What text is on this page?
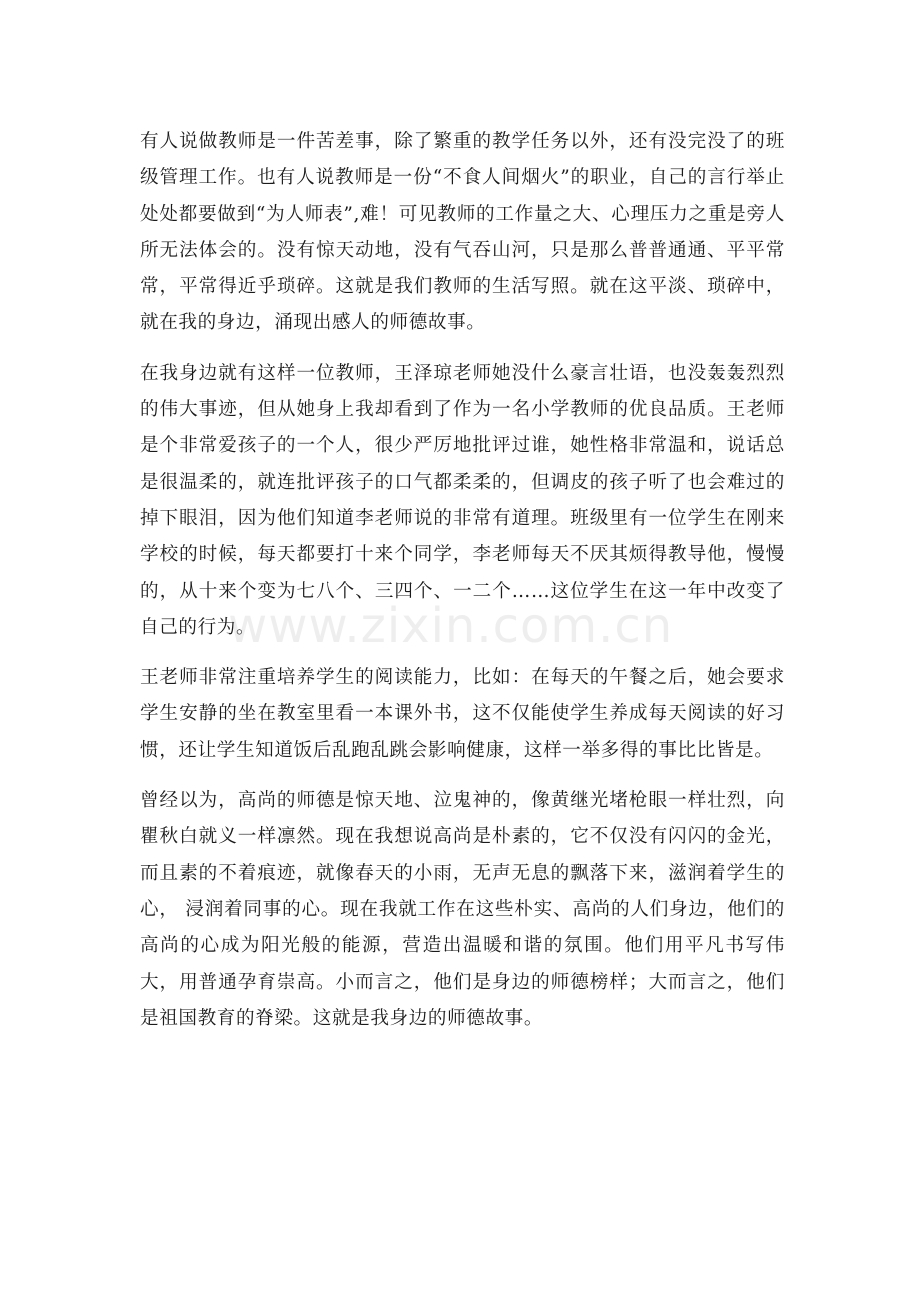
有人说做教师是一件苦差事，除了繁重的教学任务以外，还有没完没了的班级管理工作。也有人说教师是一份“不食人间烟火”的职业，自己的言行举止处处都要做到“为人师表”,难！可见教师的工作量之大、心理压力之重是旁人所无法体会的。没有惊天动地，没有气吞山河，只是那么普普通通、平平常常，平常得近乎琐碎。这就是我们教师的生活写照。就在这平淡、琐碎中，就在我的身边，涌现出感人的师德故事。

在我身边就有这样一位教师，王泽琼老师她没什么豪言壮语，也没轰轰烈烈的伟大事迹，但从她身上我却看到了作为一名小学教师的优良品质。王老师是个非常爱孩子的一个人，很少严厉地批评过谁，她性格非常温和，说话总是很温柔的，就连批评孩子的口气都柔柔的，但调皮的孩子听了也会难过的掉下眼泪，因为他们知道李老师说的非常有道理。班级里有一位学生在刚来学校的时候，每天都要打十来个同学，李老师每天不厌其烦得教导他，慢慢的，从十来个变为七八个、三四个、一二个……这位学生在这一年中改变了自己的行为。

王老师非常注重培养学生的阅读能力，比如：在每天的午餐之后，她会要求学生安静的坐在教室里看一本课外书，这不仅能使学生养成每天阅读的好习惯，还让学生知道饭后乱跑乱跳会影响健康，这样一举多得的事比比皆是。

曾经以为，高尚的师德是惊天地、泣鬼神的，像黄继光堵枪眼一样壮烈，向瞿秋白就义一样凛然。现在我想说高尚是朴素的，它不仅没有闪闪的金光，而且素的不着痕迹，就像春天的小雨，无声无息的飘落下来，滋润着学生的心， 浸润着同事的心。现在我就工作在这些朴实、高尚的人们身边，他们的高尚的心成为阳光般的能源，营造出温暖和谐的氛围。他们用平凡书写伟大，用普通孕育崇高。小而言之，他们是身边的师德榜样；大而言之，他们是祖国教育的脊梁。这就是我身边的师德故事。

www.zixin.com.cn
